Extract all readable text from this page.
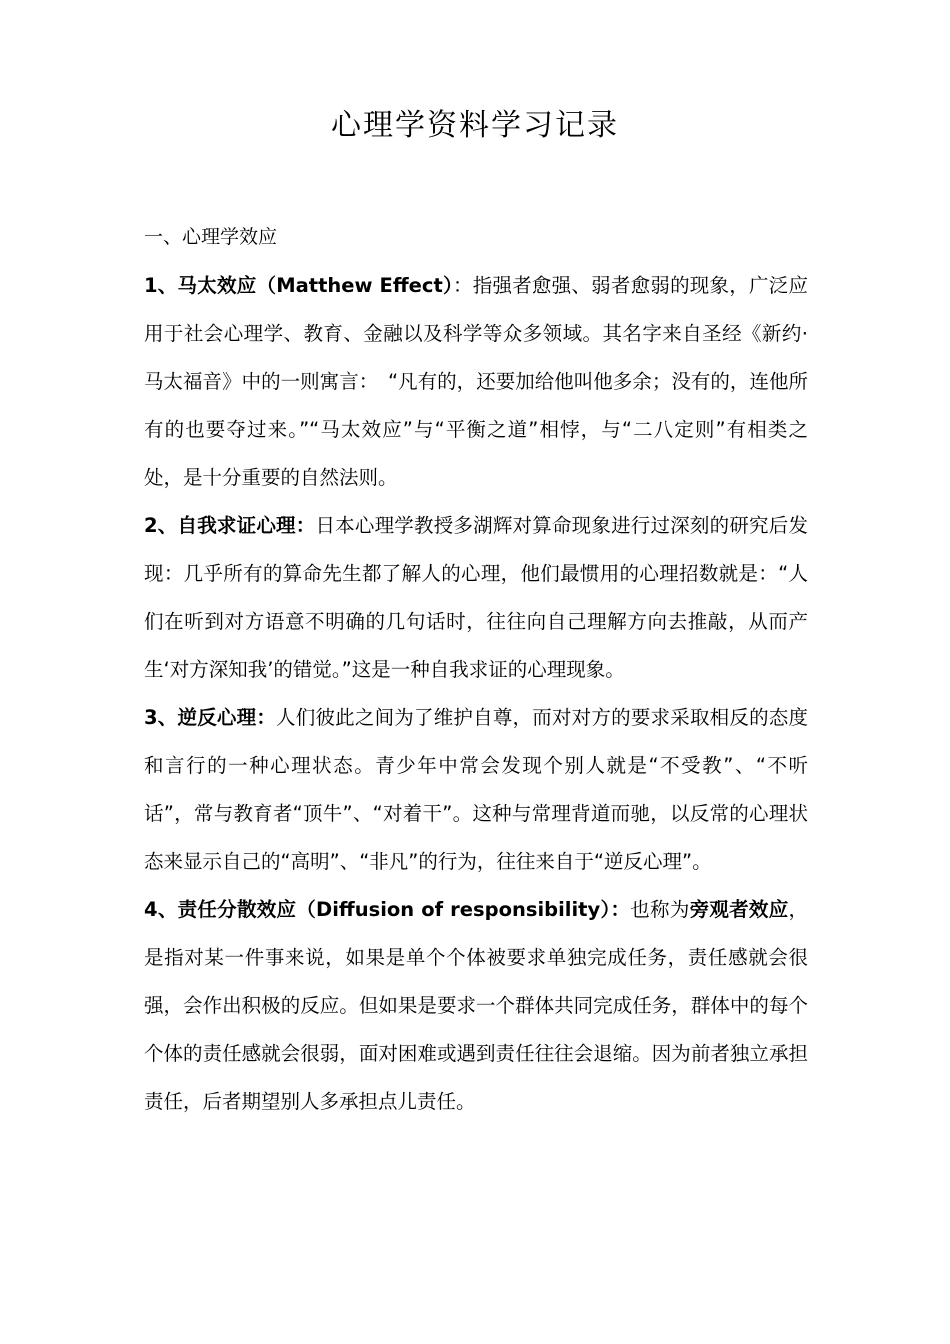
心理学资料学习记录
一、心理学效应

1、马太效应（Matthew Effect）：指强者愈强、弱者愈弱的现象，广泛应用于社会心理学、教育、金融以及科学等众多领域。其名字来自圣经《新约·马太福音》中的一则寓言：　“凡有的，还要加给他叫他多余；没有的，连他所有的也要夺过来。”“马太效应”与“平衡之道”相悖，与“二八定则”有相类之处，是十分重要的自然法则。

2、自我求证心理：日本心理学教授多湖辉对算命现象进行过深刻的研究后发现：几乎所有的算命先生都了解人的心理，他们最惯用的心理招数就是：“人们在听到对方语意不明确的几句话时，往往向自己理解方向去推敲，从而产生‘对方深知我’的错觉。”这是一种自我求证的心理现象。

3、逆反心理：人们彼此之间为了维护自尊，而对对方的要求采取相反的态度和言行的一种心理状态。青少年中常会发现个别人就是“不受教”、“不听话”，常与教育者“顶牛”、“对着干”。这种与常理背道而驰，以反常的心理状态来显示自己的“高明”、“非凡”的行为，往往来自于“逆反心理”。

4、责任分散效应（Diffusion of responsibility）：也称为旁观者效应，是指对某一件事来说，如果是单个个体被要求单独完成任务，责任感就会很强，会作出积极的反应。但如果是要求一个群体共同完成任务，群体中的每个个体的责任感就会很弱，面对困难或遇到责任往往会退缩。因为前者独立承担责任，后者期望别人多承担点儿责任。
